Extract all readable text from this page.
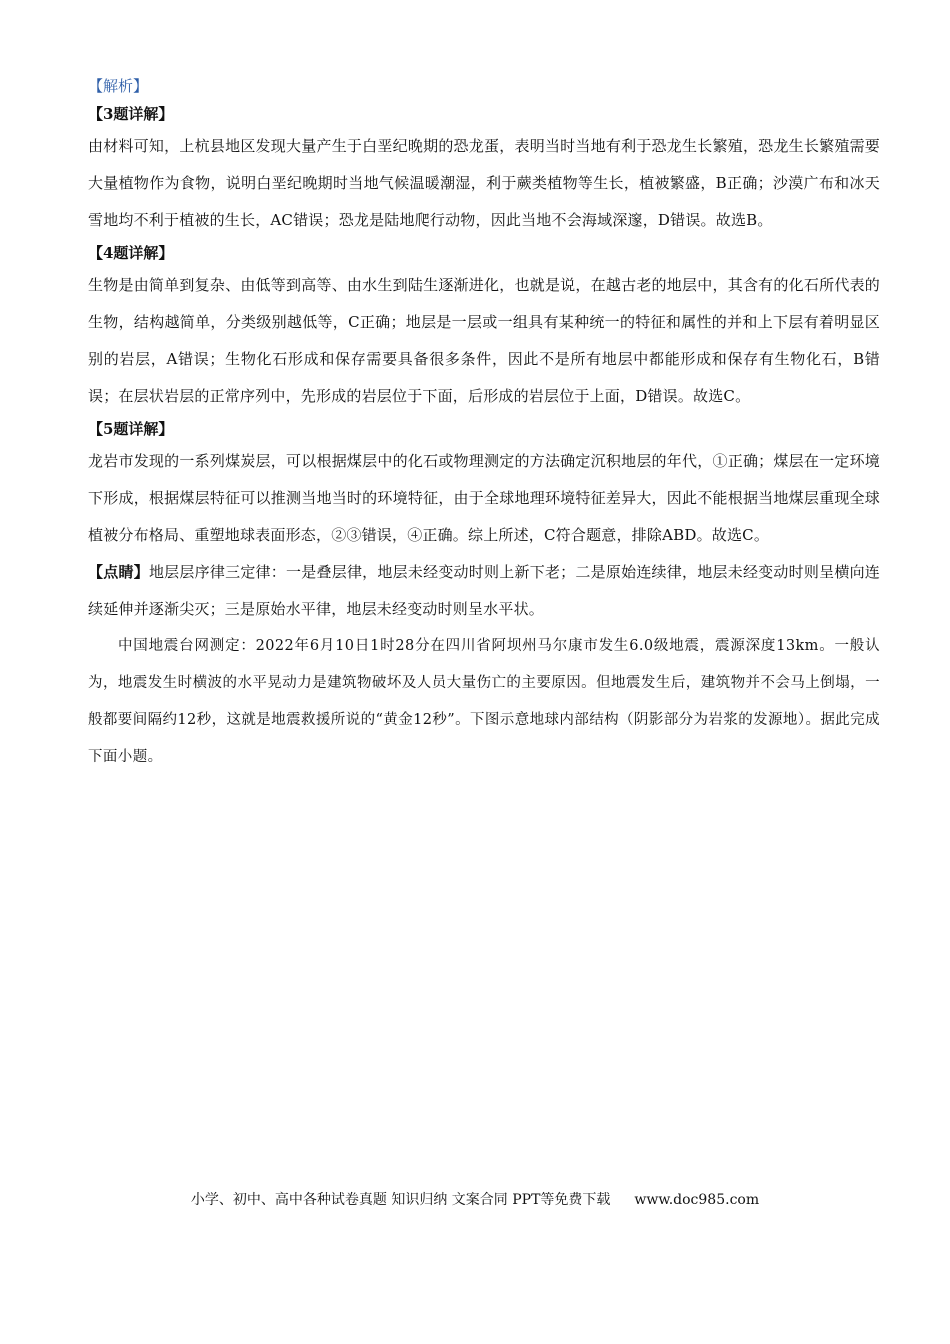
【解析】

【3题详解】

由材料可知，上杭县地区发现大量产生于白垩纪晚期的恐龙蛋，表明当时当地有利于恐龙生长繁殖，恐龙生长繁殖需要大量植物作为食物，说明白垩纪晚期时当地气候温暖潮湿，利于蕨类植物等生长，植被繁盛，B正确；沙漠广布和冰天雪地均不利于植被的生长，AC错误；恐龙是陆地爬行动物，因此当地不会海域深邃，D错误。故选B。

【4题详解】

生物是由简单到复杂、由低等到高等、由水生到陆生逐渐进化，也就是说，在越古老的地层中，其含有的化石所代表的生物，结构越简单，分类级别越低等，C正确；地层是一层或一组具有某种统一的特征和属性的并和上下层有着明显区别的岩层，A错误；生物化石形成和保存需要具备很多条件，因此不是所有地层中都能形成和保存有生物化石，B错误；在层状岩层的正常序列中，先形成的岩层位于下面，后形成的岩层位于上面，D错误。故选C。

【5题详解】

龙岩市发现的一系列煤炭层，可以根据煤层中的化石或物理测定的方法确定沉积地层的年代，①正确；煤层在一定环境下形成，根据煤层特征可以推测当地当时的环境特征，由于全球地理环境特征差异大，因此不能根据当地煤层重现全球植被分布格局、重塑地球表面形态，②③错误，④正确。综上所述，C符合题意，排除ABD。故选C。

【点睛】地层层序律三定律：一是叠层律，地层未经变动时则上新下老；二是原始连续律，地层未经变动时则呈横向连续延伸并逐渐尖灭；三是原始水平律，地层未经变动时则呈水平状。

中国地震台网测定：2022年6月10日1时28分在四川省阿坝州马尔康市发生6.0级地震，震源深度13km。一般认为，地震发生时横波的水平晃动力是建筑物破坏及人员大量伤亡的主要原因。但地震发生后，建筑物并不会马上倒塌，一般都要间隔约12秒，这就是地震救援所说的“黄金12秒”。下图示意地球内部结构（阴影部分为岩浆的发源地）。据此完成下面小题。

小学、初中、高中各种试卷真题 知识归纳 文案合同 PPT等免费下载 www.doc985.com
